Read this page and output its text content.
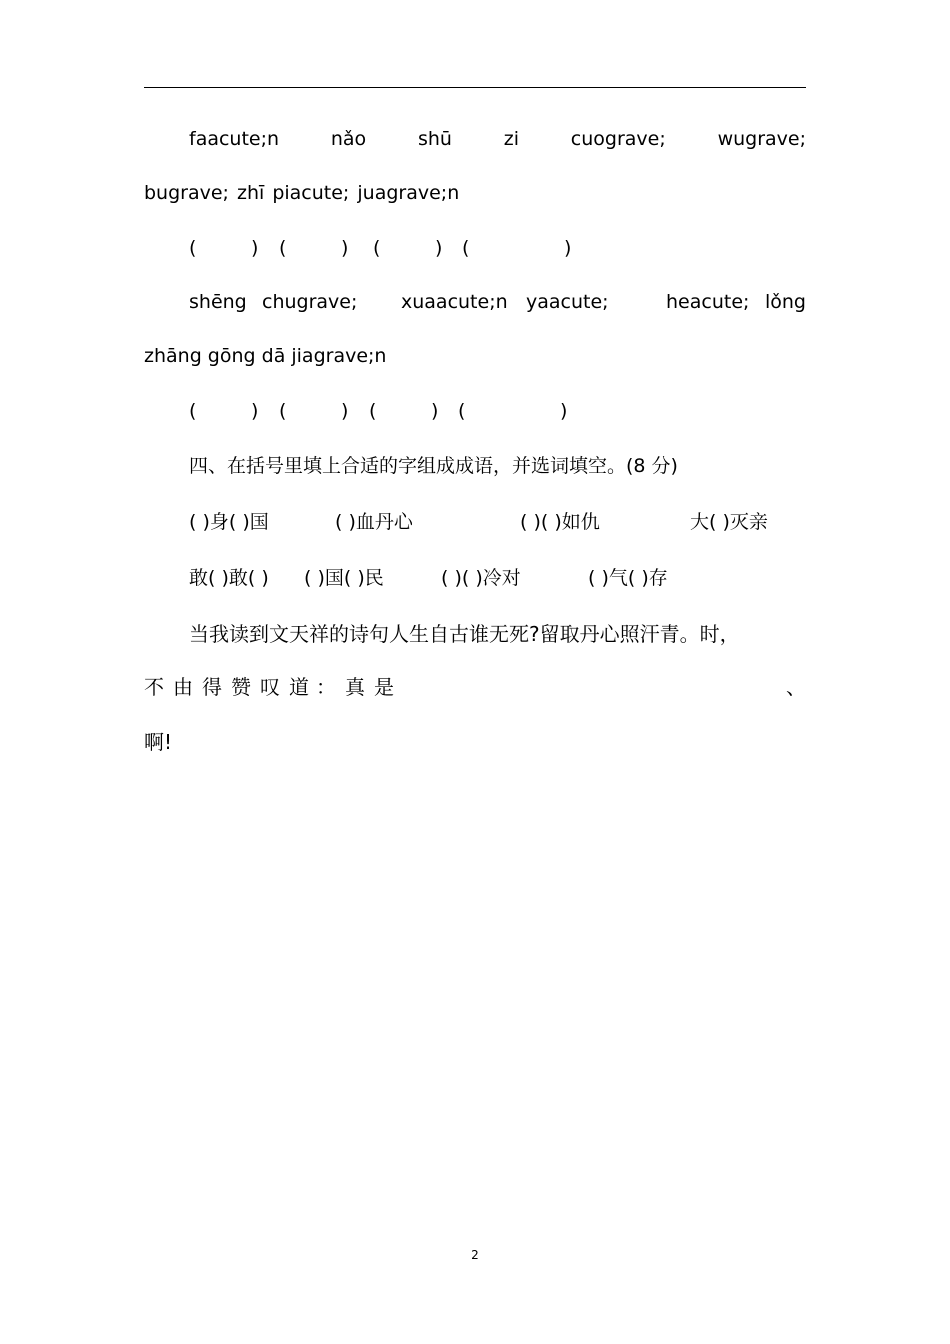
faacute;n	nǎo	shū	zi	cuograve;	wugrave;
bugrave; zhī piacute; juagrave;n
(	) (	) (	) (	)
shēng chugrave; xuaacute;n yaacute;	heacute; lǒng
zhāng gōng dā jiagrave;n
(	) (	) (	) (	)
四、在括号里填上合适的字组成成语，并选词填空。(8 分)
( )身( )国	( )血丹心	( )( )如仇	大( )灭亲
敢( )敢( ) ( )国( )民	( )( )冷对	( )气( )存
当我读到文天祥的诗句人生自古谁无死?留取丹心照汗青。时，
不 由 得 赞 叹 道 ： 真 是	、
啊!
2
